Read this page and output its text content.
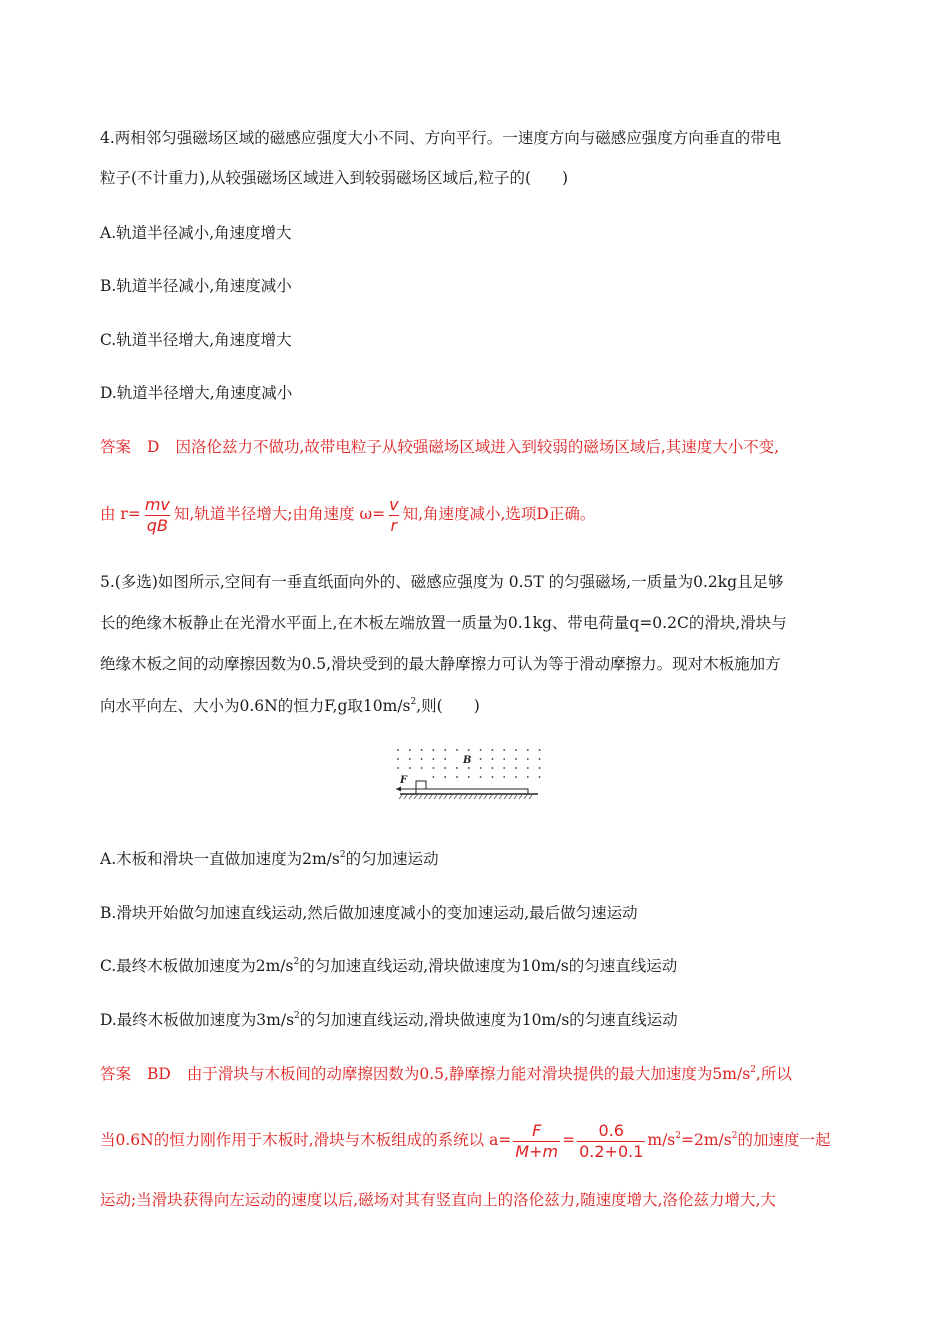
4.两相邻匀强磁场区域的磁感应强度大小不同、方向平行。一速度方向与磁感应强度方向垂直的带电
粒子(不计重力),从较强磁场区域进入到较弱磁场区域后,粒子的(　　)
A.轨道半径减小,角速度增大
B.轨道半径减小,角速度减小
C.轨道半径增大,角速度增大
D.轨道半径增大,角速度减小
答案 D 因洛伦兹力不做功,故带电粒子从较强磁场区域进入到较弱的磁场区域后,其速度大小不变,
由 $r= \frac{mv}{qB}$ 知,轨道半径增大;由角速度 $\omega= \frac{v}{r}$ 知,角速度减小,选项D正确。
5.(多选)如图所示,空间有一垂直纸面向外的、磁感应强度为 0.5T 的匀强磁场,一质量为0.2kg且足够
长的绝缘木板静止在光滑水平面上,在木板左端放置一质量为0.1kg、带电荷量q=0.2C的滑块,滑块与
绝缘木板之间的动摩擦因数为0.5,滑块受到的最大静摩擦力可认为等于滑动摩擦力。现对木板施加方
向水平向左、大小为0.6N的恒力F,g取$10m/s^2$,则(　　)
B
F
A.木板和滑块一直做加速度为$2m/s^2$的匀加速运动
B.滑块开始做匀加速直线运动,然后做加速度减小的变加速运动,最后做匀速运动
C.最终木板做加速度为$2m/s^2$的匀加速直线运动,滑块做速度为10m/s的匀速直线运动
D.最终木板做加速度为$3m/s^2$的匀加速直线运动,滑块做速度为10m/s的匀速直线运动
答案 BD 由于滑块与木板间的动摩擦因数为0.5,静摩擦力能对滑块提供的最大加速度为$5m/s^2$,所以
当0.6N的恒力刚作用于木板时,滑块与木板组成的系统以 $a= \frac{F}{M+m} = \frac{0.6}{0.2+0.1} m/s^2=2m/s^2$的加速度一起
运动;当滑块获得向左运动的速度以后,磁场对其有竖直向上的洛伦兹力,随速度增大,洛伦兹力增大,大
